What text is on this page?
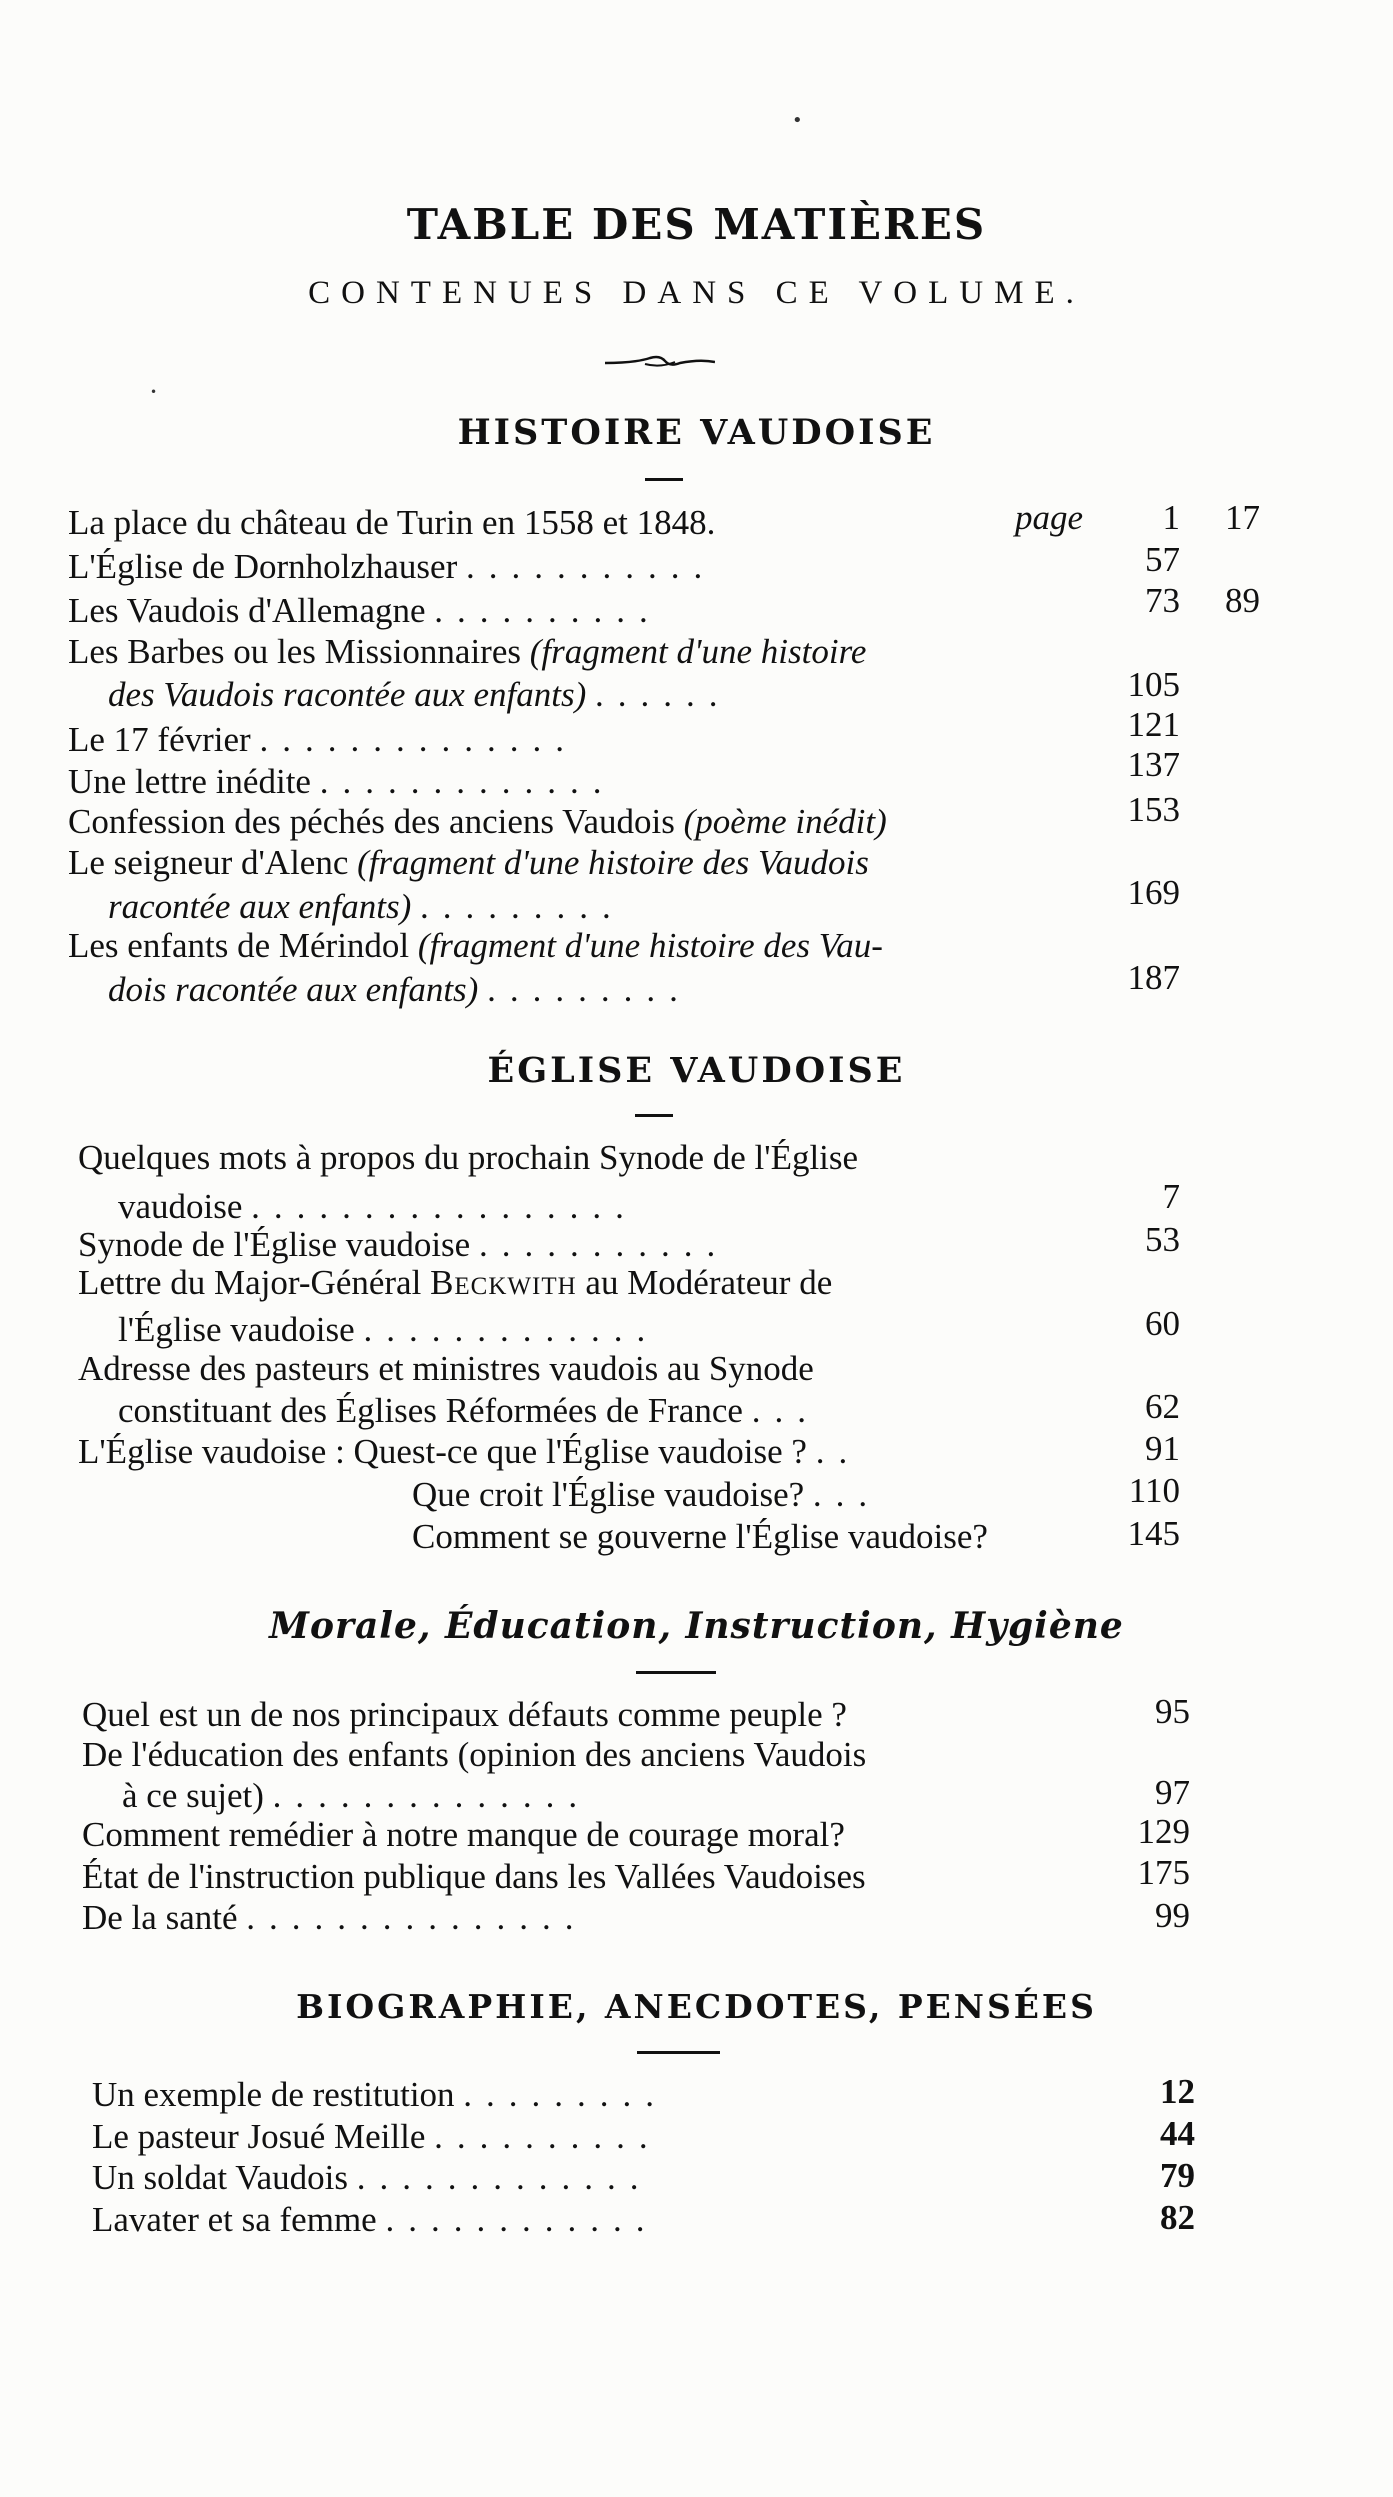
•
TABLE DES MATIÈRES
CONTENUES DANS CE VOLUME.
•
HISTOIRE VAUDOISE
La place du château de Turin en 1558 et 1848.	page	1	17
L'Église de Dornholzhauser ...........	57
Les Vaudois d'Allemagne ..........	73	89
Les Barbes ou les Missionnaires (fragment d'une histoire
des Vaudois racontée aux enfants) ......	105
Le 17 février ..............	121
Une lettre inédite .............	137
Confession des péchés des anciens Vaudois (poème inédit)	153
Le seigneur d'Alenc (fragment d'une histoire des Vaudois
racontée aux enfants) .........	169
Les enfants de Mérindol (fragment d'une histoire des Vau-
dois racontée aux enfants) .........	187
ÉGLISE VAUDOISE
Quelques mots à propos du prochain Synode de l'Église
vaudoise .................	7
Synode de l'Église vaudoise ...........	53
Lettre du Major-Général Beckwith au Modérateur de
l'Église vaudoise .............	60
Adresse des pasteurs et ministres vaudois au Synode
constituant des Églises Réformées de France ...	62
L'Église vaudoise : Quest-ce que l'Église vaudoise ? ..	91
Que croit l'Église vaudoise? ...	110
Comment se gouverne l'Église vaudoise?	145
Morale, Éducation, Instruction, Hygiène
Quel est un de nos principaux défauts comme peuple ?	95
De l'éducation des enfants (opinion des anciens Vaudois
à ce sujet) ..............	97
Comment remédier à notre manque de courage moral?	129
État de l'instruction publique dans les Vallées Vaudoises	175
De la santé ...............	99
BIOGRAPHIE, ANECDOTES, PENSÉES
Un exemple de restitution .........	12
Le pasteur Josué Meille ..........	44
Un soldat Vaudois .............	79
Lavater et sa femme ............	82
